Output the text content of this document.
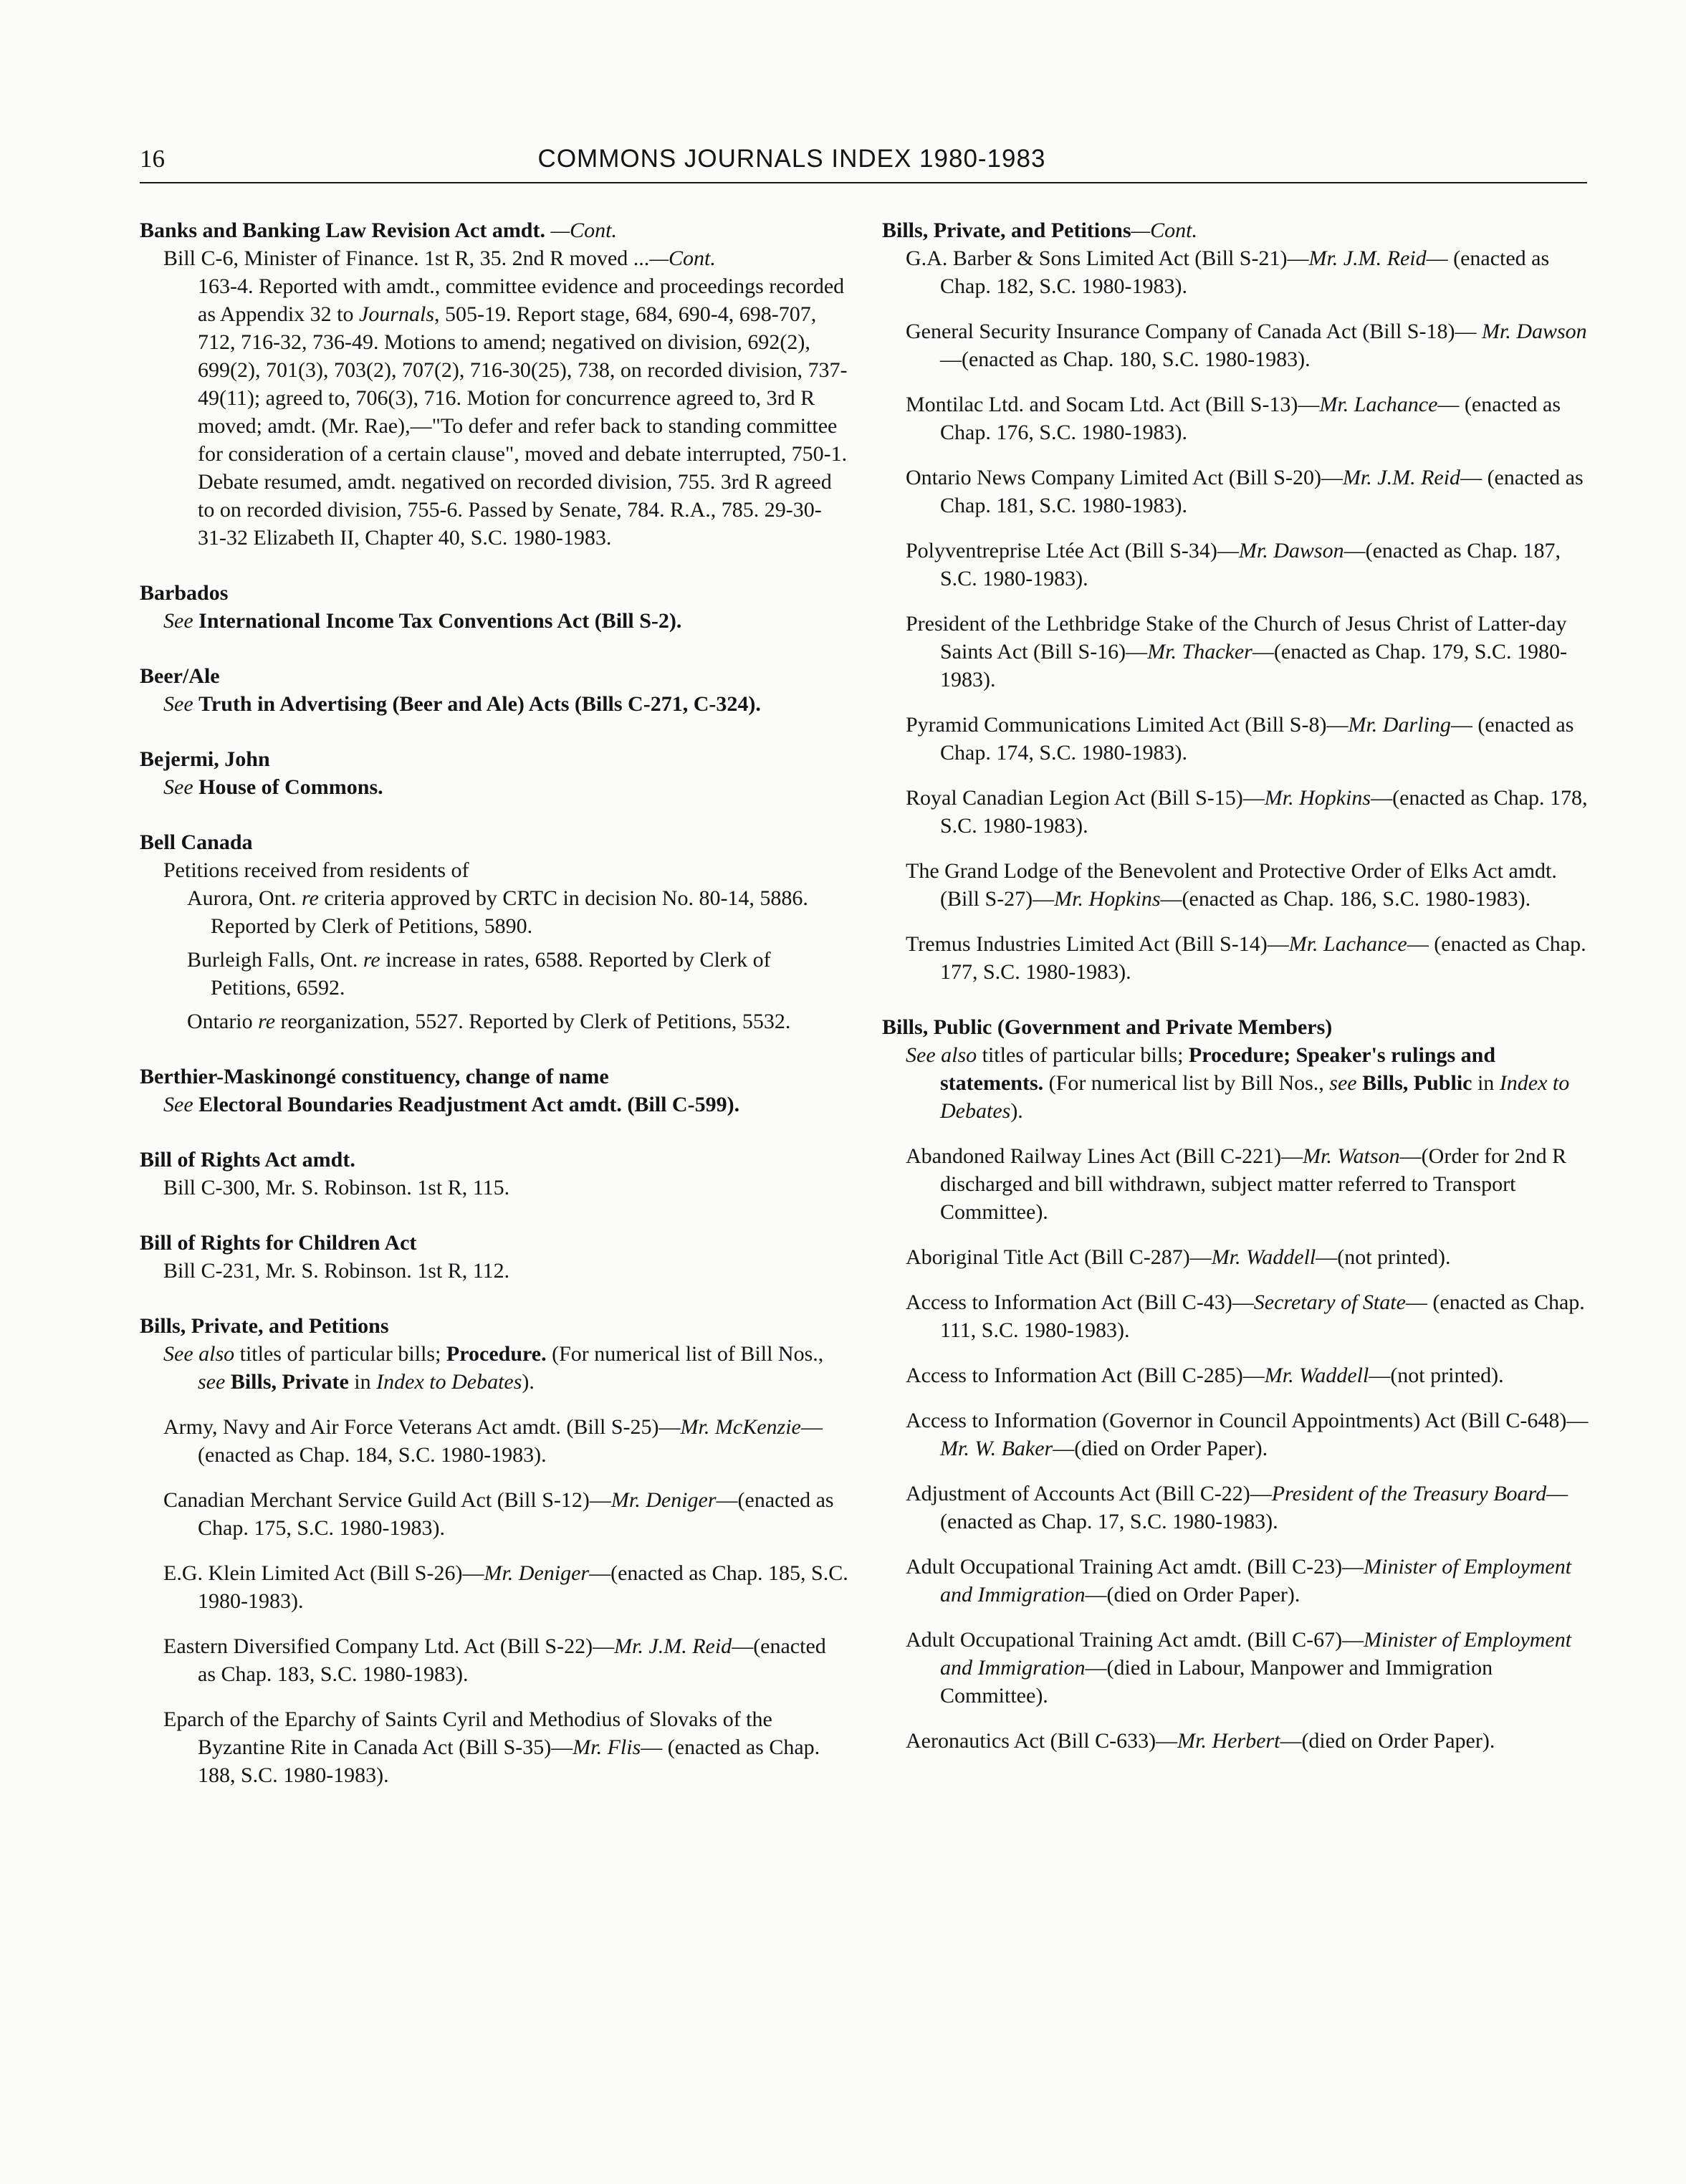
16	COMMONS JOURNALS INDEX 1980-1983
Banks and Banking Law Revision Act amdt. —Cont.
Bill C-6, Minister of Finance. 1st R, 35. 2nd R moved ...—Cont.
163-4. Reported with amdt., committee evidence and proceedings recorded as Appendix 32 to Journals, 505-19. Report stage, 684, 690-4, 698-707, 712, 716-32, 736-49. Motions to amend; negatived on division, 692(2), 699(2), 701(3), 703(2), 707(2), 716-30(25), 738, on recorded division, 737-49(11); agreed to, 706(3), 716. Motion for concurrence agreed to, 3rd R moved; amdt. (Mr. Rae),—"To defer and refer back to standing committee for consideration of a certain clause", moved and debate interrupted, 750-1. Debate resumed, amdt. negatived on recorded division, 755. 3rd R agreed to on recorded division, 755-6. Passed by Senate, 784. R.A., 785. 29-30-31-32 Elizabeth II, Chapter 40, S.C. 1980-1983.
Barbados
See International Income Tax Conventions Act (Bill S-2).
Beer/Ale
See Truth in Advertising (Beer and Ale) Acts (Bills C-271, C-324).
Bejermi, John
See House of Commons.
Bell Canada
Petitions received from residents of
Aurora, Ont. re criteria approved by CRTC in decision No. 80-14, 5886. Reported by Clerk of Petitions, 5890.
Burleigh Falls, Ont. re increase in rates, 6588. Reported by Clerk of Petitions, 6592.
Ontario re reorganization, 5527. Reported by Clerk of Petitions, 5532.
Berthier-Maskinongé constituency, change of name
See Electoral Boundaries Readjustment Act amdt. (Bill C-599).
Bill of Rights Act amdt.
Bill C-300, Mr. S. Robinson. 1st R, 115.
Bill of Rights for Children Act
Bill C-231, Mr. S. Robinson. 1st R, 112.
Bills, Private, and Petitions
See also titles of particular bills; Procedure. (For numerical list of Bill Nos., see Bills, Private in Index to Debates).
Army, Navy and Air Force Veterans Act amdt. (Bill S-25)—Mr. McKenzie—(enacted as Chap. 184, S.C. 1980-1983).
Canadian Merchant Service Guild Act (Bill S-12)—Mr. Deniger—(enacted as Chap. 175, S.C. 1980-1983).
E.G. Klein Limited Act (Bill S-26)—Mr. Deniger—(enacted as Chap. 185, S.C. 1980-1983).
Eastern Diversified Company Ltd. Act (Bill S-22)—Mr. J.M. Reid—(enacted as Chap. 183, S.C. 1980-1983).
Eparch of the Eparchy of Saints Cyril and Methodius of Slovaks of the Byzantine Rite in Canada Act (Bill S-35)—Mr. Flis— (enacted as Chap. 188, S.C. 1980-1983).
Bills, Private, and Petitions—Cont.
G.A. Barber & Sons Limited Act (Bill S-21)—Mr. J.M. Reid— (enacted as Chap. 182, S.C. 1980-1983).
General Security Insurance Company of Canada Act (Bill S-18)— Mr. Dawson—(enacted as Chap. 180, S.C. 1980-1983).
Montilac Ltd. and Socam Ltd. Act (Bill S-13)—Mr. Lachance— (enacted as Chap. 176, S.C. 1980-1983).
Ontario News Company Limited Act (Bill S-20)—Mr. J.M. Reid— (enacted as Chap. 181, S.C. 1980-1983).
Polyventreprise Ltée Act (Bill S-34)—Mr. Dawson—(enacted as Chap. 187, S.C. 1980-1983).
President of the Lethbridge Stake of the Church of Jesus Christ of Latter-day Saints Act (Bill S-16)—Mr. Thacker—(enacted as Chap. 179, S.C. 1980-1983).
Pyramid Communications Limited Act (Bill S-8)—Mr. Darling— (enacted as Chap. 174, S.C. 1980-1983).
Royal Canadian Legion Act (Bill S-15)—Mr. Hopkins—(enacted as Chap. 178, S.C. 1980-1983).
The Grand Lodge of the Benevolent and Protective Order of Elks Act amdt. (Bill S-27)—Mr. Hopkins—(enacted as Chap. 186, S.C. 1980-1983).
Tremus Industries Limited Act (Bill S-14)—Mr. Lachance— (enacted as Chap. 177, S.C. 1980-1983).
Bills, Public (Government and Private Members)
See also titles of particular bills; Procedure; Speaker's rulings and statements. (For numerical list by Bill Nos., see Bills, Public in Index to Debates).
Abandoned Railway Lines Act (Bill C-221)—Mr. Watson—(Order for 2nd R discharged and bill withdrawn, subject matter referred to Transport Committee).
Aboriginal Title Act (Bill C-287)—Mr. Waddell—(not printed).
Access to Information Act (Bill C-43)—Secretary of State— (enacted as Chap. 111, S.C. 1980-1983).
Access to Information Act (Bill C-285)—Mr. Waddell—(not printed).
Access to Information (Governor in Council Appointments) Act (Bill C-648)—Mr. W. Baker—(died on Order Paper).
Adjustment of Accounts Act (Bill C-22)—President of the Treasury Board—(enacted as Chap. 17, S.C. 1980-1983).
Adult Occupational Training Act amdt. (Bill C-23)—Minister of Employment and Immigration—(died on Order Paper).
Adult Occupational Training Act amdt. (Bill C-67)—Minister of Employment and Immigration—(died in Labour, Manpower and Immigration Committee).
Aeronautics Act (Bill C-633)—Mr. Herbert—(died on Order Paper).
